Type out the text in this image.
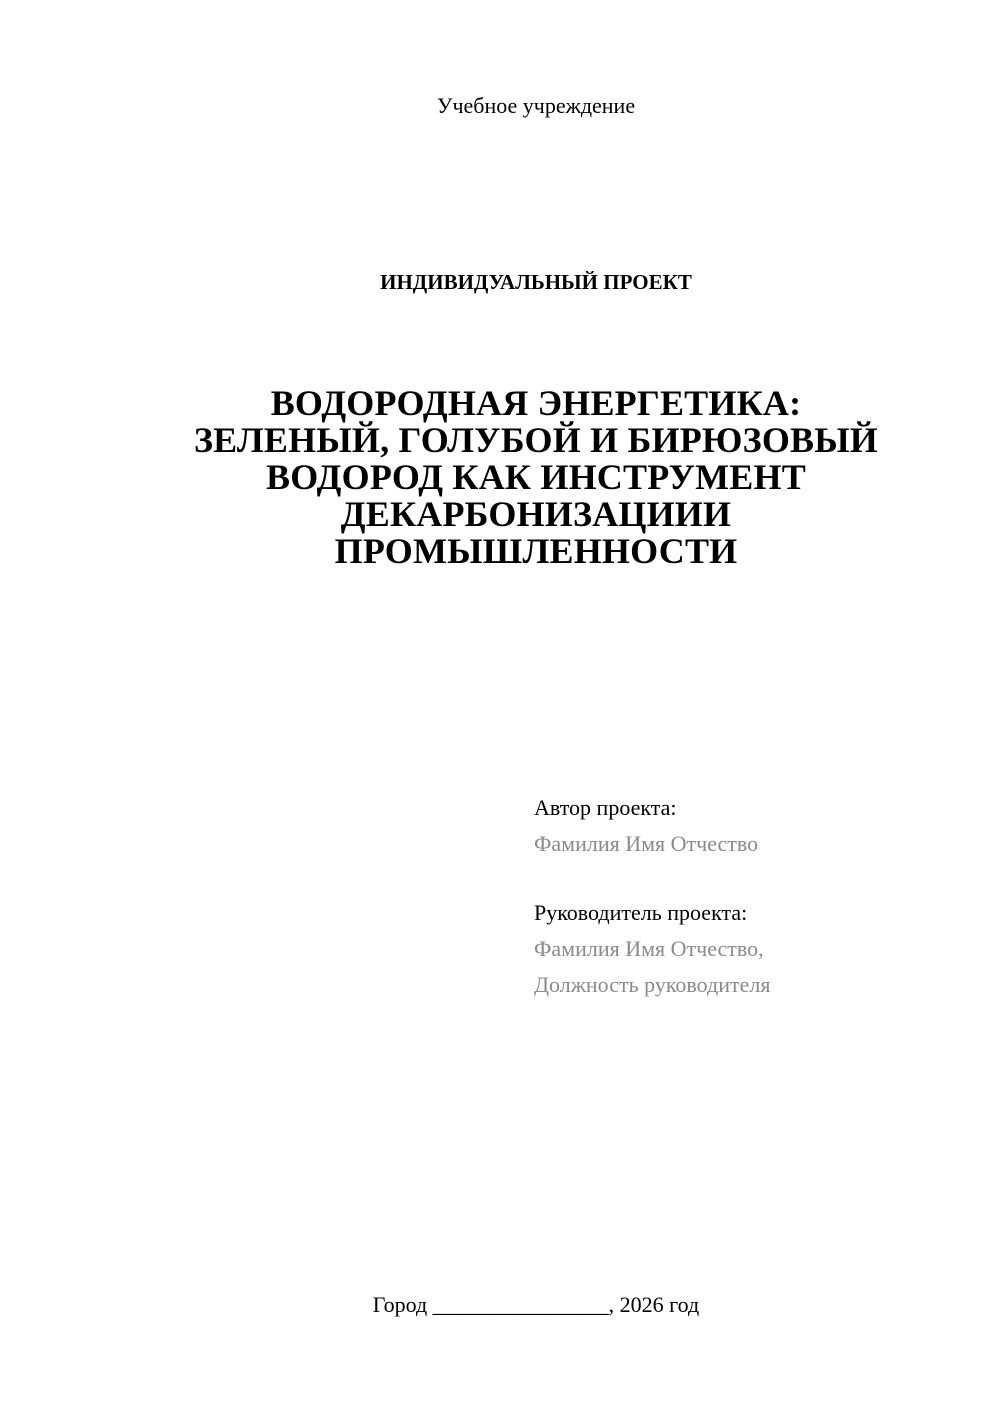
Учебное учреждение
ИНДИВИДУАЛЬНЫЙ ПРОЕКТ
ВОДОРОДНАЯ ЭНЕРГЕТИКА:
ЗЕЛЕНЫЙ, ГОЛУБОЙ И БИРЮЗОВЫЙ
ВОДОРОД КАК ИНСТРУМЕНТ
ДЕКАРБОНИЗАЦИИИ
ПРОМЫШЛЕННОСТИ
Автор проекта:
Фамилия Имя Отчество
Руководитель проекта:
Фамилия Имя Отчество,
Должность руководителя
Город ________________, 2026 год
